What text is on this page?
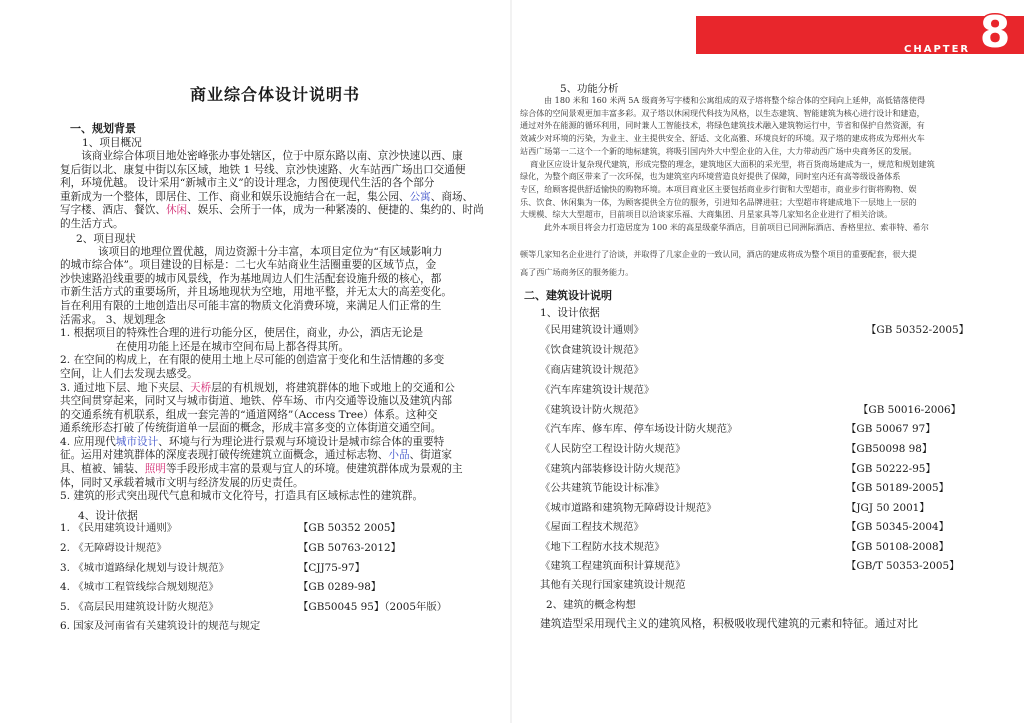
CHAPTER 8
商业综合体设计说明书
一、规划背景

1、项目概况

该商业综合体项目地处密峰张办事处辖区，位于中原东路以南、京沙快速以西、康

复后街以北、康复中街以东区域，地铁 1 号线、京沙快速路、火车站西广场出口交通便

利，环境优越。 设计采用“新城市主义”的设计理念，力图使现代生活的各个部分

重新成为一个整体，即居住、工作、商业和娱乐设施结合在一起，集公园、公寓、商场、

写字楼、酒店、餐饮、休闲、娱乐、会所于一体，成为一种紧凑的、便捷的、集约的、时尚

的生活方式。

2、项目现状

该项目的地理位置优越，周边资源十分丰富，本项目定位为“有区域影响力

的城市综合体”。项目建设的目标是：二七火车站商业生活圈重要的区域节点，金

沙快速路沿线重要的城市风景线，作为基地周边人们生活配套设施升级的核心，都

市新生活方式的重要场所，并且场地现状为空地，用地平整，并无太大的高差变化。

旨在利用有限的土地创造出尽可能丰富的物质文化消费环境，来满足人们正常的生

活需求。 3、规划理念

1. 根据项目的特殊性合理的进行功能分区，使居住，商业，办公，酒店无论是

在使用功能上还是在城市空间布局上都各得其所。

2. 在空间的构成上，在有限的使用土地上尽可能的创造富于变化和生活情趣的多变

空间，让人们去发现去感受。

3. 通过地下层、地下夹层、天桥层的有机规划，将建筑群体的地下或地上的交通和公

共空间贯穿起来，同时又与城市街道、地铁、停车场、市内交通等设施以及建筑内部

的交通系统有机联系，组成一套完善的“通道网络”（Access Tree）体系。这种交

通系统形态打破了传统街道单一层面的概念，形成丰富多变的立体街道交通空间。

4. 应用现代城市设计、环境与行为理论进行景观与环境设计是城市综合体的重要特

征。运用对建筑群体的深度表现打破传统建筑立面概念，通过标志物、小品、街道家

具、植被、铺装、照明等手段形成丰富的景观与宜人的环境。使建筑群体成为景观的主

体，同时又承载着城市文明与经济发展的历史责任。

5. 建筑的形式突出现代气息和城市文化符号，打造具有区域标志性的建筑群。

4、设计依据

1. 《民用建筑设计通则》	【GB 50352 2005】
2. 《无障碍设计规范》	【GB 50763-2012】
3. 《城市道路绿化规划与设计规范》	【CJJ75-97】
4. 《城市工程管线综合规划规范》	【GB 0289-98】
5. 《高层民用建筑设计防火规范》	【GB50045 95】（2005年版）
6. 国家及河南省有关建筑设计的规范与规定
5、功能分析
由 180 米和 160 米两 5A 级商务写字楼和公寓组成的双子塔将整个综合体的空间向上延伸，高低错落使得
综合体的空间景观更加丰富多彩。双子塔以休闲现代科技为风格，以生态建筑、智能建筑为核心进行设计和建造，
通过对外在能源的循环利用，同时兼人工智能技术，将绿色建筑技术融入建筑物运行中，节省和保护自然资源，有
效减少对环境的污染，为业主、业主提供安全、舒适、文化高雅、环境良好的环境。双子塔的建成将成为郑州火车
站西广场第一二这个一个新的地标建筑，将吸引国内外大中型企业的入住，大力带动西广场中央商务区的发展。
商业区应设计复杂现代建筑，形成完整的理念，建筑地区大面积的采光型，将百货商场建成为一，规范和规划建筑
绿化，为整个商区带来了一次环保，也为建筑室内环境营造良好提供了保障，同时室内还有高等级设备体系
专区，给顾客提供舒适愉快的购物环境。本项目商业区主要包括商业步行街和大型超市，商业步行街将购物、娱
乐、饮食、休闲集为一体，为顾客提供全方位的服务，引进知名品牌进驻；大型超市将建成地下一层地上一层的
大规模、综大大型超市，目前项目以洽谈家乐福、大商集团、月星家具等几家知名企业进行了相关洽谈。
此外本项目将会力打造居度为 100 米的高星级豪华酒店，目前项目已同洲际酒店、香格里拉、索菲特、希尔
顿等几家知名企业进行了洽谈，并取得了几家企业的一致认同，酒店的建成将成为整个项目的重要配套，很大提
高了西广场商务区的服务能力。
二、建筑设计说明
1、设计依据
《民用建筑设计通则》	【GB 50352-2005】
《饮食建筑设计规范》
《商店建筑设计规范》
《汽车库建筑设计规范》
《建筑设计防火规范》	【GB 50016-2006】
《汽车库、修车库、停车场设计防火规范》	【GB 50067 97】
《人民防空工程设计防火规范》	【GB50098 98】
《建筑内部装修设计防火规范》	【GB 50222-95】
《公共建筑节能设计标准》	【GB 50189-2005】
《城市道路和建筑物无障碍设计规范》	【JGJ 50 2001】
《屋面工程技术规范》	【GB 50345-2004】
《地下工程防水技术规范》	【GB 50108-2008】
《建筑工程建筑面积计算规范》	【GB/T 50353-2005】
其他有关现行国家建筑设计规范
2、建筑的概念构想
建筑造型采用现代主义的建筑风格，积极吸收现代建筑的元素和特征。通过对比
